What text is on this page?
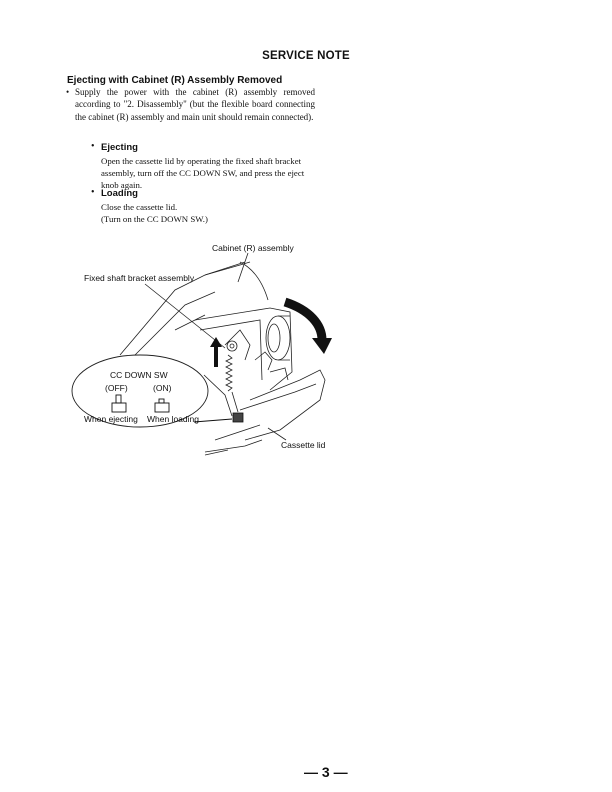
SERVICE NOTE
Ejecting with Cabinet (R) Assembly Removed
• Supply the power with the cabinet (R) assembly removed according to "2. Disassembly" (but the flexible board connecting the cabinet (R) assembly and main unit should remain connected).
• Ejecting
Open the cassette lid by operating the fixed shaft bracket assembly, turn off the CC DOWN SW, and press the eject knob again.
• Loading
Close the cassette lid.
(Turn on the CC DOWN SW.)
Cabinet (R) assembly
Fixed shaft bracket assembly
Cassette lid
CC DOWN SW
(OFF)	(ON)
When ejecting When loading
— 3 —
